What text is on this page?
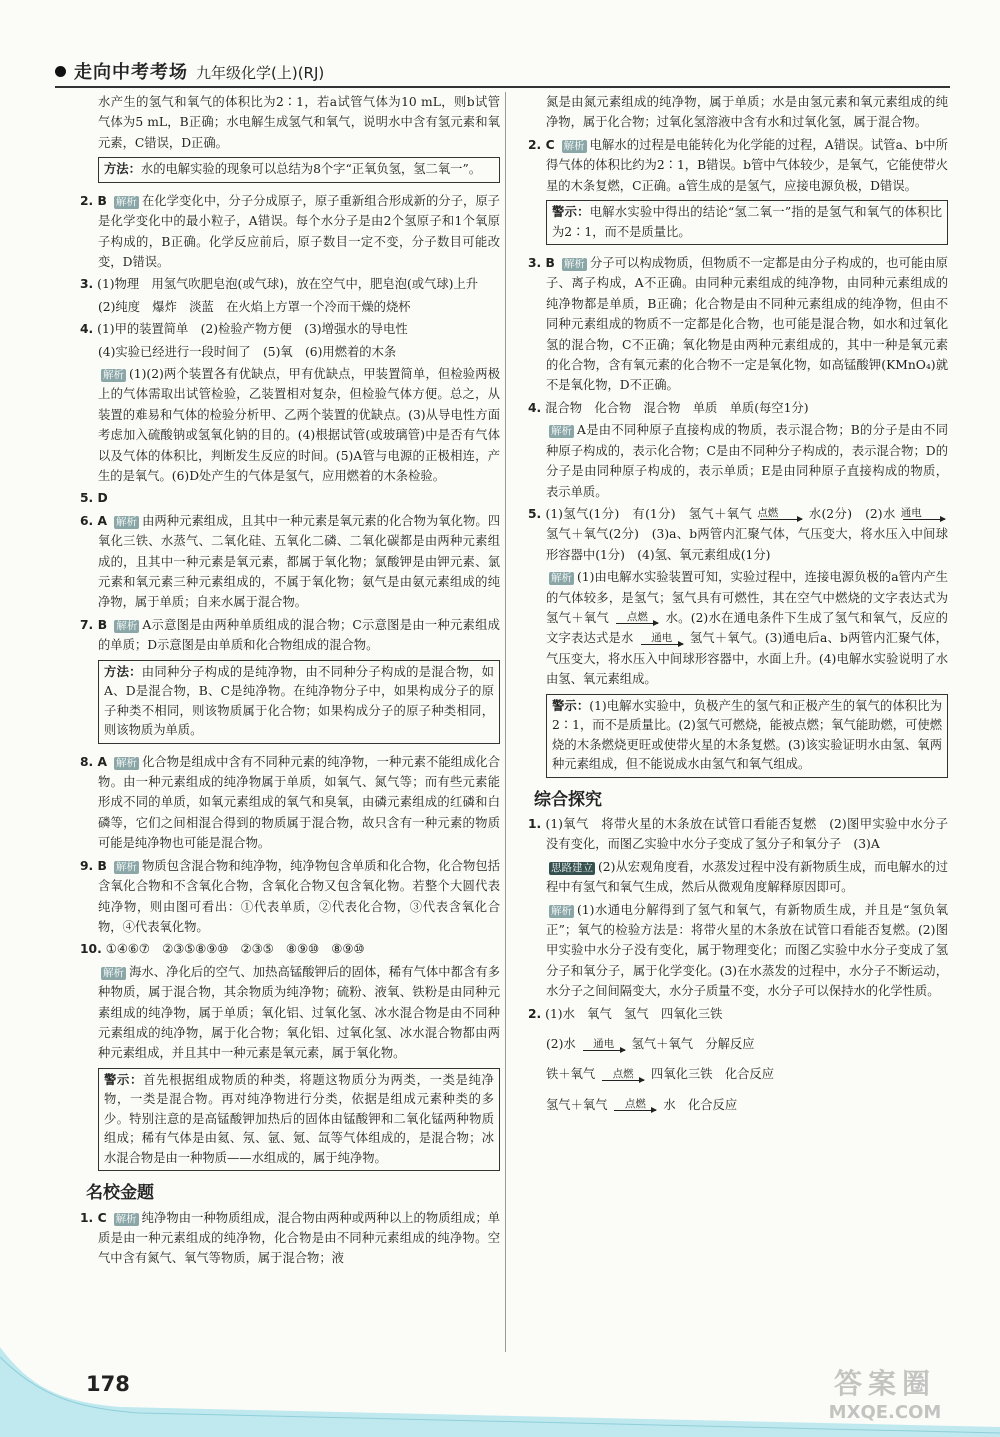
走向中考考场 九年级化学(上)(RJ)

水产生的氢气和氧气的体积比为2∶1，若a试管气体为10 mL，则b试管气体为5 mL，B正确；水电解生成氢气和氧气，说明水中含有氢元素和氧元素，C错误，D正确。

方法：水的电解实验的现象可以总结为8个字“正氧负氢，氢二氧一”。

2. B 解析 在化学变化中，分子分成原子，原子重新组合形成新的分子，原子是化学变化中的最小粒子，A错误。每个水分子是由2个氢原子和1个氧原子构成的，B正确。化学反应前后，原子数目一定不变，分子数目可能改变，D错误。

3. (1)物理　用氢气吹肥皂泡(或气球)，放在空气中，肥皂泡(或气球)上升

(2)纯度　爆炸　淡蓝　在火焰上方罩一个冷而干燥的烧杯

4. (1)甲的装置简单　(2)检验产物方便　(3)增强水的导电性

(4)实验已经进行一段时间了　(5)氧　(6)用燃着的木条

解析 (1)(2)两个装置各有优缺点，甲有优缺点，甲装置简单，但检验两极上的气体需取出试管检验，乙装置相对复杂，但检验气体方便。总之，从装置的难易和气体的检验分析甲、乙两个装置的优缺点。(3)从导电性方面考虑加入硫酸钠或氢氧化钠的目的。(4)根据试管(或玻璃管)中是否有气体以及气体的体积比，判断发生反应的时间。(5)A管与电源的正极相连，产生的是氧气。(6)D处产生的气体是氢气，应用燃着的木条检验。

5. D

6. A 解析 由两种元素组成，且其中一种元素是氧元素的化合物为氧化物。四氧化三铁、水蒸气、二氧化硅、五氧化二磷、二氧化碳都是由两种元素组成的，且其中一种元素是氧元素，都属于氧化物；氯酸钾是由钾元素、氯元素和氧元素三种元素组成的，不属于氧化物；氨气是由氨元素组成的纯净物，属于单质；自来水属于混合物。

7. B 解析 A示意图是由两种单质组成的混合物；C示意图是由一种元素组成的单质；D示意图是由单质和化合物组成的混合物。

方法：由同种分子构成的是纯净物，由不同种分子构成的是混合物，如A、D是混合物，B、C是纯净物。在纯净物分子中，如果构成分子的原子种类不相同，则该物质属于化合物；如果构成分子的原子种类相同，则该物质为单质。

8. A 解析 化合物是组成中含有不同种元素的纯净物，一种元素不能组成化合物。由一种元素组成的纯净物属于单质，如氧气、氮气等；而有些元素能形成不同的单质，如氧元素组成的氧气和臭氧，由磷元素组成的红磷和白磷等，它们之间相混合得到的物质属于混合物，故只含有一种元素的物质可能是纯净物也可能是混合物。

9. B 解析 物质包含混合物和纯净物，纯净物包含单质和化合物，化合物包括含氧化合物和不含氧化合物，含氧化合物又包含氧化物。若整个大圆代表纯净物，则由图可看出：①代表单质，②代表化合物，③代表含氧化合物，④代表氧化物。

10. ①④⑥⑦　②③⑤⑧⑨⑩　②③⑤　⑧⑨⑩　⑧⑨⑩

解析 海水、净化后的空气、加热高锰酸钾后的固体，稀有气体中都含有多种物质，属于混合物，其余物质为纯净物；硫粉、液氧、铁粉是由同种元素组成的纯净物，属于单质；氧化铝、过氧化氢、冰水混合物是由不同种元素组成的纯净物，属于化合物；氧化铝、过氧化氢、冰水混合物都由两种元素组成，并且其中一种元素是氧元素，属于氧化物。

警示：首先根据组成物质的种类，将题这物质分为两类，一类是纯净物，一类是混合物。再对纯净物进行分类，依据是组成元素种类的多少。特别注意的是高锰酸钾加热后的固体由锰酸钾和二氧化锰两种物质组成；稀有气体是由氦、氖、氩、氪、氙等气体组成的，是混合物；冰水混合物是由一种物质——水组成的，属于纯净物。
名校金题

1. C 解析 纯净物由一种物质组成，混合物由两种或两种以上的物质组成；单质是由一种元素组成的纯净物，化合物是由不同种元素组成的纯净物。空气中含有氮气、氧气等物质，属于混合物；液

氮是由氮元素组成的纯净物，属于单质；水是由氢元素和氧元素组成的纯净物，属于化合物；过氧化氢溶液中含有水和过氧化氢，属于混合物。

2. C 解析 电解水的过程是电能转化为化学能的过程，A错误。试管a、b中所得气体的体积比约为2∶1，B错误。b管中气体较少，是氧气，它能使带火星的木条复燃，C正确。a管生成的是氢气，应接电源负极，D错误。

警示：电解水实验中得出的结论“氢二氧一”指的是氢气和氧气的体积比为2∶1，而不是质量比。

3. B 解析 分子可以构成物质，但物质不一定都是由分子构成的，也可能由原子、离子构成，A不正确。由同种元素组成的纯净物，由同种元素组成的纯净物都是单质，B正确；化合物是由不同种元素组成的纯净物，但由不同种元素组成的物质不一定都是化合物，也可能是混合物，如水和过氧化氢的混合物，C不正确；氧化物是由两种元素组成的，其中一种是氧元素的化合物，含有氧元素的化合物不一定是氧化物，如高锰酸钾(KMnO₄)就不是氧化物，D不正确。

4. 混合物　化合物　混合物　单质　单质(每空1分)

解析 A是由不同种原子直接构成的物质，表示混合物；B的分子是由不同种原子构成的，表示化合物；C是由不同种分子构成的，表示混合物；D的分子是由同种原子构成的，表示单质；E是由同种原子直接构成的物质，表示单质。

5. (1)氢气(1分)　有(1分)　氢气＋氧气 点燃	水(2分)　(2)水 通电
氢气＋氧气(2分)　(3)a、b两管内汇聚气体，气压变大，将水压入中间球形容器中(1分)　(4)氢、氧元素组成(1分)

解析 (1)由电解水实验装置可知，实验过程中，连接电源负极的a管内产生的气体较多，是氢气；氢气具有可燃性，其在空气中燃烧的文字表达式为氢气＋氧气 点燃 水。(2)水在通电条件下生成了氢气和氧气，反应的文字表达式是水 通电 氢气＋氧气。(3)通电后a、b两管内汇聚气体，气压变大，将水压入中间球形容器中，水面上升。(4)电解水实验说明了水由氢、氧元素组成。

警示：(1)电解水实验中，负极产生的氢气和正极产生的氧气的体积比为2∶1，而不是质量比。(2)氢气可燃烧，能被点燃；氧气能助燃，可使燃烧的木条燃烧更旺或使带火星的木条复燃。(3)该实验证明水由氢、氧两种元素组成，但不能说成水由氢气和氧气组成。
综合探究

1. (1)氧气　将带火星的木条放在试管口看能否复燃　(2)图甲实验中水分子没有变化，而图乙实验中水分子变成了氢分子和氧分子　(3)A

思路建立 (2)从宏观角度看，水蒸发过程中没有新物质生成，而电解水的过程中有氢气和氧气生成，然后从微观角度解释原因即可。

解析 (1)水通电分解得到了氢气和氧气，有新物质生成，并且是“氢负氧正”；氧气的检验方法是：将带火星的木条放在试管口看能否复燃。(2)图甲实验中水分子没有变化，属于物理变化；而图乙实验中水分子变成了氢分子和氧分子，属于化学变化。(3)在水蒸发的过程中，水分子不断运动，水分子之间间隔变大，水分子质量不变，水分子可以保持水的化学性质。

2. (1)水　氧气　氢气　四氧化三铁

(2)水 通电 氢气＋氧气　分解反应
铁＋氧气 点燃 四氧化三铁　化合反应
氢气＋氧气 点燃 水　化合反应
178	答案圈
MXQE.COM
